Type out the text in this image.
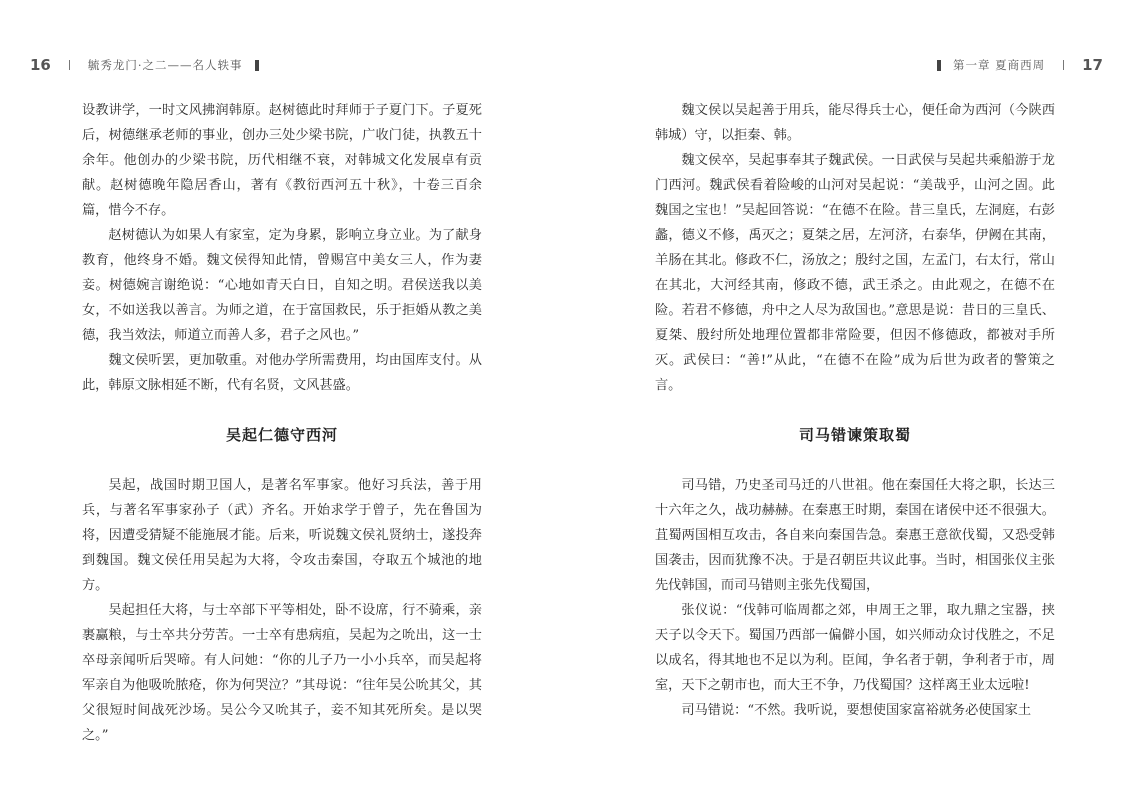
16	毓秀龙门·之二——名人轶事

设教讲学，一时文风拂润韩原。赵树德此时拜师于子夏门下。子夏死后，树德继承老师的事业，创办三处少梁书院，广收门徒，执教五十余年。他创办的少梁书院，历代相继不衰，对韩城文化发展卓有贡献。赵树德晚年隐居香山，著有《教衍西河五十秋》，十卷三百余篇，惜今不存。

赵树德认为如果人有家室，定为身累，影响立身立业。为了献身教育，他终身不婚。魏文侯得知此情，曾赐宫中美女三人，作为妻妾。树德婉言谢绝说：“心地如青天白日，自知之明。君侯送我以美女，不如送我以善言。为师之道，在于富国救民，乐于拒婚从教之美德，我当效法，师道立而善人多，君子之风也。”

魏文侯听罢，更加敬重。对他办学所需费用，均由国库支付。从此，韩原文脉相延不断，代有名贤，文风甚盛。

吴起仁德守西河

吴起，战国时期卫国人，是著名军事家。他好习兵法，善于用兵，与著名军事家孙子（武）齐名。开始求学于曾子，先在鲁国为将，因遭受猜疑不能施展才能。后来，听说魏文侯礼贤纳士，遂投奔到魏国。魏文侯任用吴起为大将，令攻击秦国，夺取五个城池的地方。

吴起担任大将，与士卒部下平等相处，卧不设席，行不骑乘，亲裹赢粮，与士卒共分劳苦。一士卒有患病疽，吴起为之吮出，这一士卒母亲闻听后哭啼。有人问她：“你的儿子乃一小小兵卒，而吴起将军亲自为他吸吮脓疮，你为何哭泣？”其母说：“往年吴公吮其父，其父很短时间战死沙场。吴公今又吮其子，妾不知其死所矣。是以哭之。”

第一章 夏商西周 17

魏文侯以吴起善于用兵，能尽得兵士心，便任命为西河（今陕西韩城）守，以拒秦、韩。

魏文侯卒，吴起事奉其子魏武侯。一日武侯与吴起共乘船游于龙门西河。魏武侯看着险峻的山河对吴起说：“美哉乎，山河之固。此魏国之宝也！”吴起回答说：“在德不在险。昔三皇氏，左洞庭，右彭蠡，德义不修，禹灭之；夏桀之居，左河济，右泰华，伊阙在其南，羊肠在其北。修政不仁，汤放之；殷纣之国，左孟门，右太行，常山在其北，大河经其南，修政不德，武王杀之。由此观之，在德不在险。若君不修德，舟中之人尽为敌国也。”意思是说：昔日的三皇氏、夏桀、殷纣所处地理位置都非常险要，但因不修德政，都被对手所灭。武侯曰：“善!”从此，“在德不在险”成为后世为政者的警策之言。

司马错谏策取蜀

司马错，乃史圣司马迁的八世祖。他在秦国任大将之职，长达三十六年之久，战功赫赫。在秦惠王时期，秦国在诸侯中还不很强大。苴蜀两国相互攻击，各自来向秦国告急。秦惠王意欲伐蜀，又恐受韩国袭击，因而犹豫不决。于是召朝臣共议此事。当时，相国张仪主张先伐韩国，而司马错则主张先伐蜀国，

张仪说：“伐韩可临周都之郊，申周王之罪，取九鼎之宝器，挟天子以令天下。蜀国乃西部一偏僻小国，如兴师动众讨伐胜之，不足以成名，得其地也不足以为利。臣闻，争名者于朝，争利者于市，周室，天下之朝市也，而大王不争，乃伐蜀国？这样离王业太远啦!

司马错说：“不然。我听说，要想使国家富裕就务必使国家土
